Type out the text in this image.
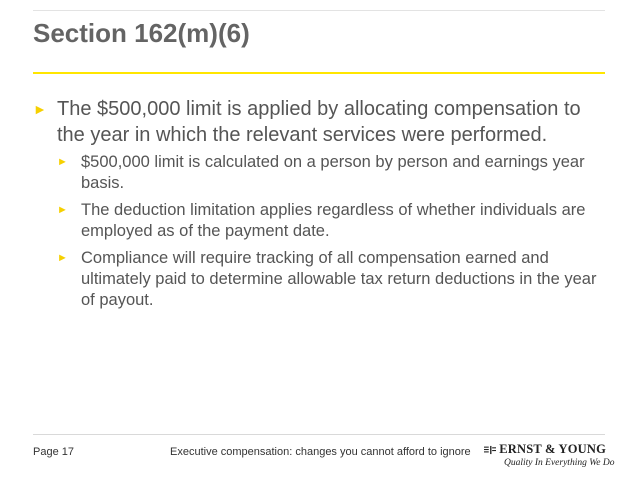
Section 162(m)(6)
► The $500,000 limit is applied by allocating compensation to the year in which the relevant services were performed.
► $500,000 limit is calculated on a person by person and earnings year basis.
► The deduction limitation applies regardless of whether individuals are employed as of the payment date.
► Compliance will require tracking of all compensation earned and ultimately paid to determine allowable tax return deductions in the year of payout.
Page 17	Executive compensation: changes you cannot afford to ignore ERNST & YOUNG
Quality In Everything We Do
